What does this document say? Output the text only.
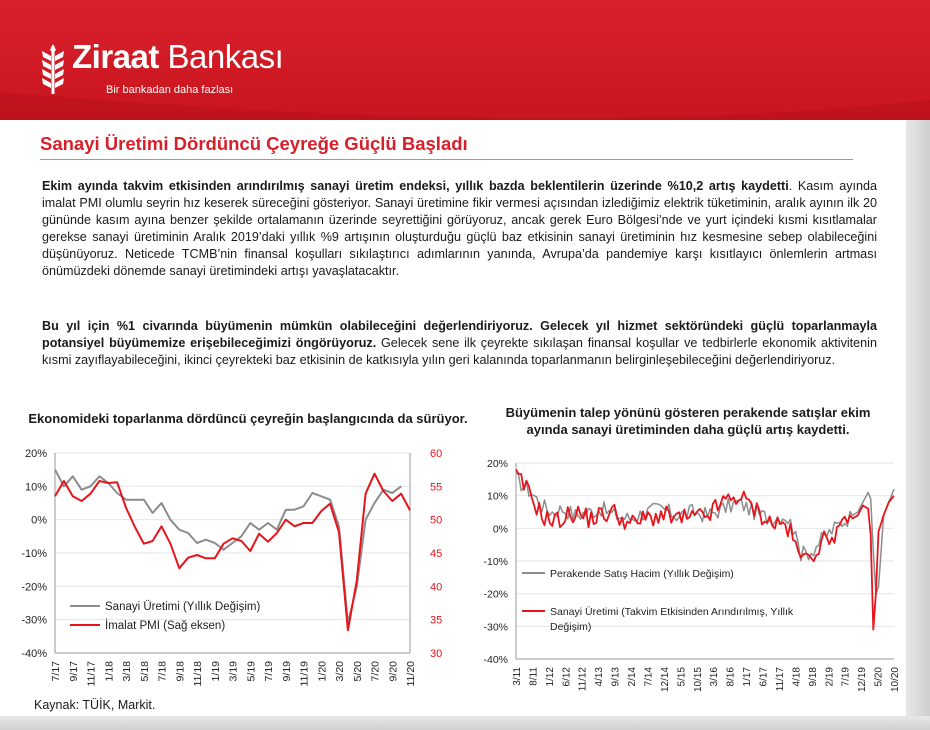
Ziraat Bankası
Bir bankadan daha fazlası
Sanayi Üretimi Dördüncü Çeyreğe Güçlü Başladı
Ekim ayında takvim etkisinden arındırılmış sanayi üretim endeksi, yıllık bazda beklentilerin üzerinde %10,2 artış kaydetti. Kasım ayında imalat PMI olumlu seyrin hız keserek süreceğini gösteriyor. Sanayi üretimine fikir vermesi açısından izlediğimiz elektrik tüketiminin, aralık ayının ilk 20 gününde kasım ayına benzer şekilde ortalamanın üzerinde seyrettiğini görüyoruz, ancak gerek Euro Bölgesi’nde ve yurt içindeki kısmi kısıtlamalar gerekse sanayi üretiminin Aralık 2019’daki yıllık %9 artışının oluşturduğu güçlü baz etkisinin sanayi üretiminin hız kesmesine sebep olabileceğini düşünüyoruz. Neticede TCMB’nin finansal koşulları sıkılaştırıcı adımlarının yanında, Avrupa’da pandemiye karşı kısıtlayıcı önlemlerin artması önümüzdeki dönemde sanayi üretimindeki artışı yavaşlatacaktır.
Bu yıl için %1 civarında büyümenin mümkün olabileceğini değerlendiriyoruz. Gelecek yıl hizmet sektöründeki güçlü toparlanmayla potansiyel büyümemize erişebileceğimizi öngörüyoruz. Gelecek sene ilk çeyrekte sıkılaşan finansal koşullar ve tedbirlerle ekonomik aktivitenin kısmi zayıflayabileceğini, ikinci çeyrekteki baz etkisinin de katkısıyla yılın geri kalanında toparlanmanın belirginleşebileceğini değerlendiriyoruz.
Ekonomideki toparlanma dördüncü çeyreğin başlangıcında da sürüyor.	Büyümenin talep yönünü gösteren perakende satışlar ekim ayında sanayi üretiminden daha güçlü artış kaydetti.
20%
10%
0%
-10%
-20%
-30%
-40%
60
55
50
45
40
35
30
7/17 9/17 11/17 1/18 3/18 5/18 7/18 9/18 11/18 1/19 3/19 5/19 7/19 9/19 11/19 1/20 3/20 5/20 7/20 9/20 11/20
Sanayi Üretimi (Yıllık Değişim)
İmalat PMI (Sağ eksen)
20%
10%
0%
-10%
-20%
-30%
-40%
3/11 8/11 1/12 6/12 11/12 4/13 9/13 2/14 7/14 12/14 5/15 10/15 3/16 8/16 1/17 6/17 11/17 4/18 9/18 2/19 7/19 12/19 5/20 10/20
Perakende Satış Hacim (Yıllık Değişim)
Sanayi Üretimi (Takvim Etkisinden Arındırılmış, Yıllık Değişim)
Kaynak: TÜİK, Markit.
